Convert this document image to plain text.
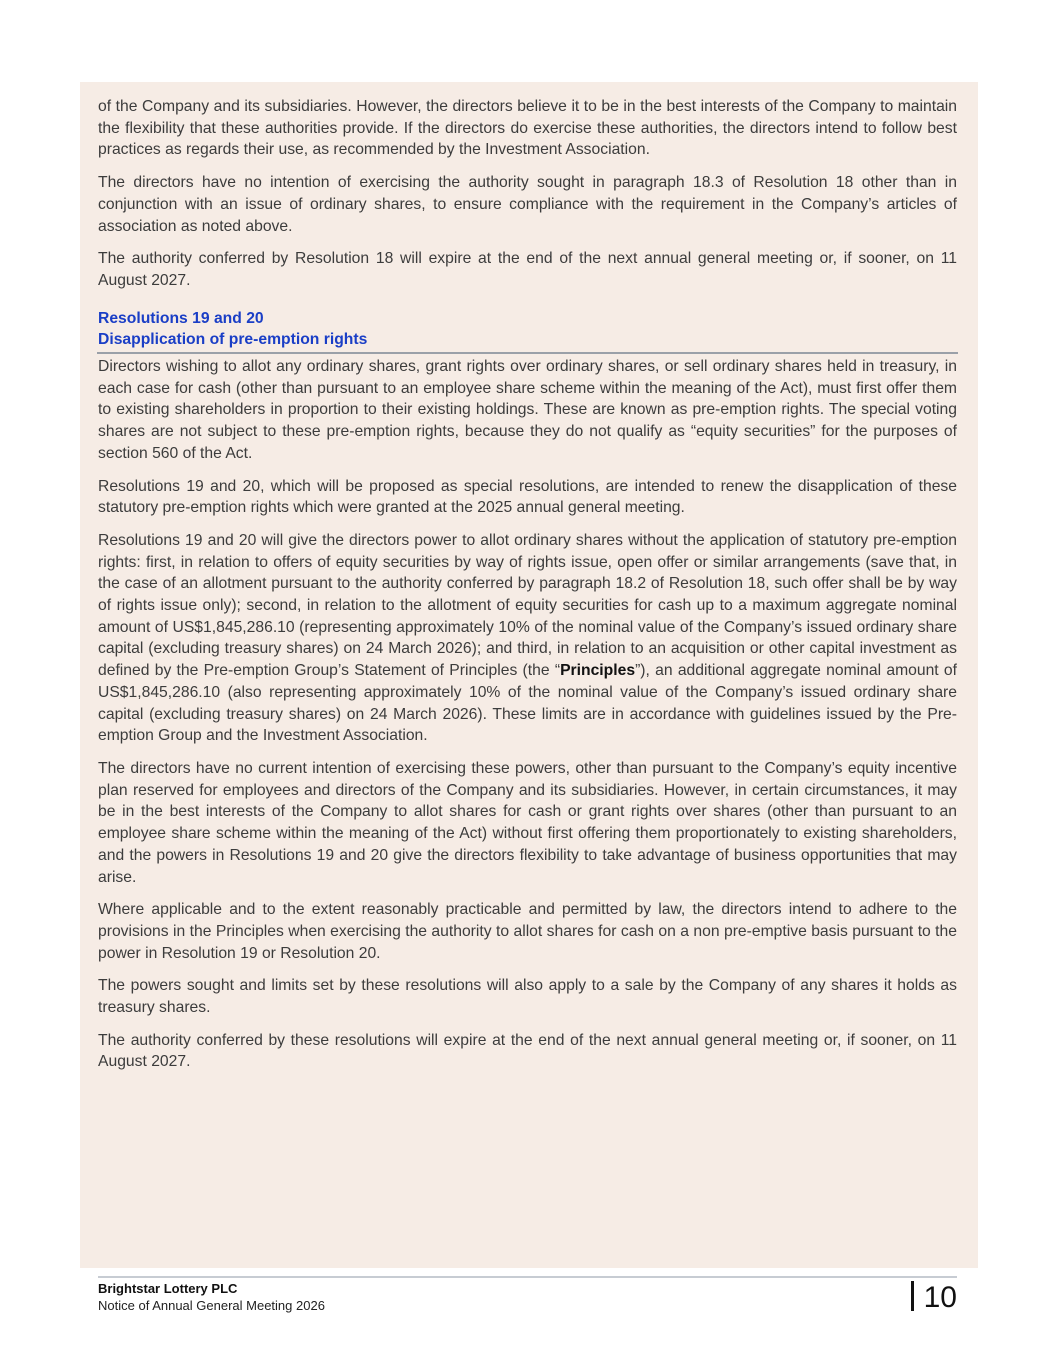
of the Company and its subsidiaries. However, the directors believe it to be in the best interests of the Company to maintain the flexibility that these authorities provide. If the directors do exercise these authorities, the directors intend to follow best practices as regards their use, as recommended by the Investment Association.

The directors have no intention of exercising the authority sought in paragraph 18.3 of Resolution 18 other than in conjunction with an issue of ordinary shares, to ensure compliance with the requirement in the Company’s articles of association as noted above.

The authority conferred by Resolution 18 will expire at the end of the next annual general meeting or, if sooner, on 11 August 2027.

Resolutions 19 and 20
Disapplication of pre-emption rights

Directors wishing to allot any ordinary shares, grant rights over ordinary shares, or sell ordinary shares held in treasury, in each case for cash (other than pursuant to an employee share scheme within the meaning of the Act), must first offer them to existing shareholders in proportion to their existing holdings. These are known as pre-emption rights. The special voting shares are not subject to these pre-emption rights, because they do not qualify as “equity securities” for the purposes of section 560 of the Act.

Resolutions 19 and 20, which will be proposed as special resolutions, are intended to renew the disapplication of these statutory pre-emption rights which were granted at the 2025 annual general meeting.

Resolutions 19 and 20 will give the directors power to allot ordinary shares without the application of statutory pre-emption rights: first, in relation to offers of equity securities by way of rights issue, open offer or similar arrangements (save that, in the case of an allotment pursuant to the authority conferred by paragraph 18.2 of Resolution 18, such offer shall be by way of rights issue only); second, in relation to the allotment of equity securities for cash up to a maximum aggregate nominal amount of US$1,845,286.10 (representing approximately 10% of the nominal value of the Company’s issued ordinary share capital (excluding treasury shares) on 24 March 2026); and third, in relation to an acquisition or other capital investment as defined by the Pre-emption Group’s Statement of Principles (the “Principles”), an additional aggregate nominal amount of US$1,845,286.10 (also representing approximately 10% of the nominal value of the Company’s issued ordinary share capital (excluding treasury shares) on 24 March 2026). These limits are in accordance with guidelines issued by the Pre-emption Group and the Investment Association.

The directors have no current intention of exercising these powers, other than pursuant to the Company’s equity incentive plan reserved for employees and directors of the Company and its subsidiaries. However, in certain circumstances, it may be in the best interests of the Company to allot shares for cash or grant rights over shares (other than pursuant to an employee share scheme within the meaning of the Act) without first offering them proportionately to existing shareholders, and the powers in Resolutions 19 and 20 give the directors flexibility to take advantage of business opportunities that may arise.

Where applicable and to the extent reasonably practicable and permitted by law, the directors intend to adhere to the provisions in the Principles when exercising the authority to allot shares for cash on a non pre-emptive basis pursuant to the power in Resolution 19 or Resolution 20.

The powers sought and limits set by these resolutions will also apply to a sale by the Company of any shares it holds as treasury shares.

The authority conferred by these resolutions will expire at the end of the next annual general meeting or, if sooner, on 11 August 2027.

Brightstar Lottery PLC
Notice of Annual General Meeting 2026	10
